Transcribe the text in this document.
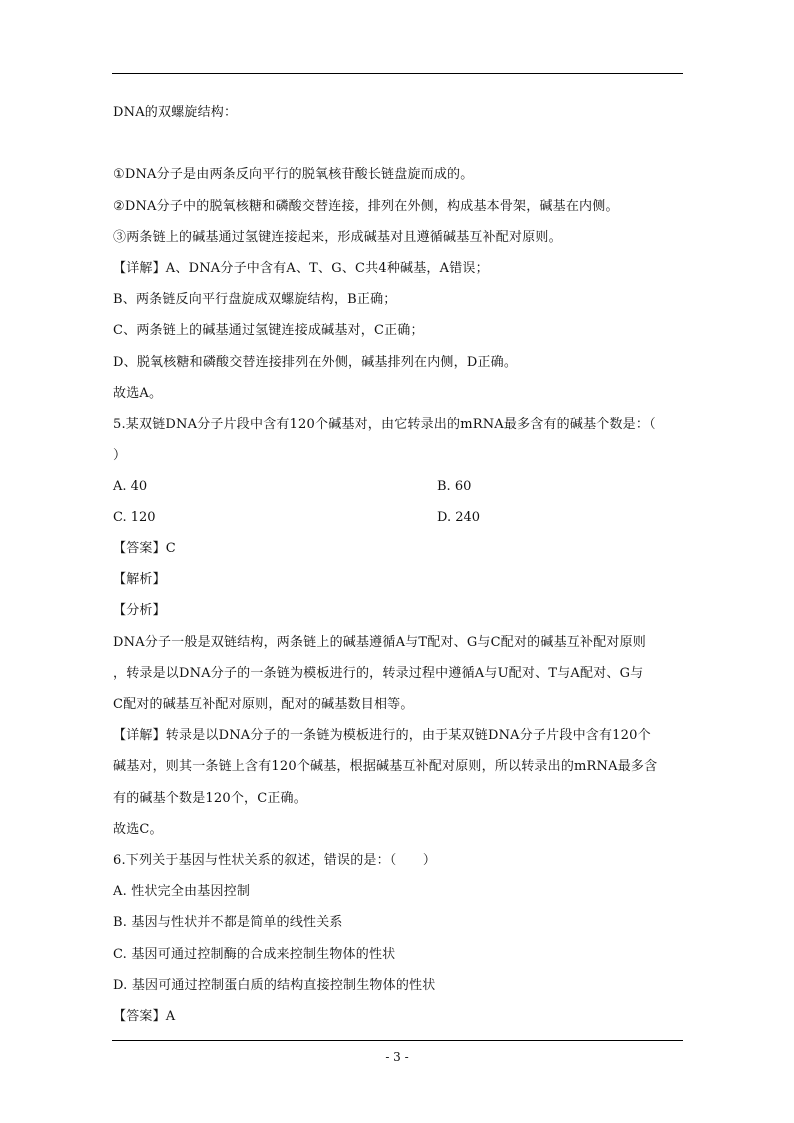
DNA的双螺旋结构：
①DNA分子是由两条反向平行的脱氧核苷酸长链盘旋而成的。
②DNA分子中的脱氧核糖和磷酸交替连接，排列在外侧，构成基本骨架，碱基在内侧。
③两条链上的碱基通过氢键连接起来，形成碱基对且遵循碱基互补配对原则。
【详解】A、DNA分子中含有A、T、G、C共4种碱基，A错误；
B、两条链反向平行盘旋成双螺旋结构，B正确；
C、两条链上的碱基通过氢键连接成碱基对，C正确；
D、脱氧核糖和磷酸交替连接排列在外侧，碱基排列在内侧，D正确。
故选A。
5.某双链DNA分子片段中含有120个碱基对，由它转录出的mRNA最多含有的碱基个数是：（
）
A. 40	B. 60
C. 120	D. 240
【答案】C
【解析】
【分析】
DNA分子一般是双链结构，两条链上的碱基遵循A与T配对、G与C配对的碱基互补配对原则
，转录是以DNA分子的一条链为模板进行的，转录过程中遵循A与U配对、T与A配对、G与
C配对的碱基互补配对原则，配对的碱基数目相等。
【详解】转录是以DNA分子的一条链为模板进行的，由于某双链DNA分子片段中含有120个
碱基对，则其一条链上含有120个碱基，根据碱基互补配对原则，所以转录出的mRNA最多含
有的碱基个数是120个，C正确。
故选C。
6.下列关于基因与性状关系的叙述，错误的是：（　　）
A. 性状完全由基因控制
B. 基因与性状并不都是简单的线性关系
C. 基因可通过控制酶的合成来控制生物体的性状
D. 基因可通过控制蛋白质的结构直接控制生物体的性状
【答案】A
- 3 -
